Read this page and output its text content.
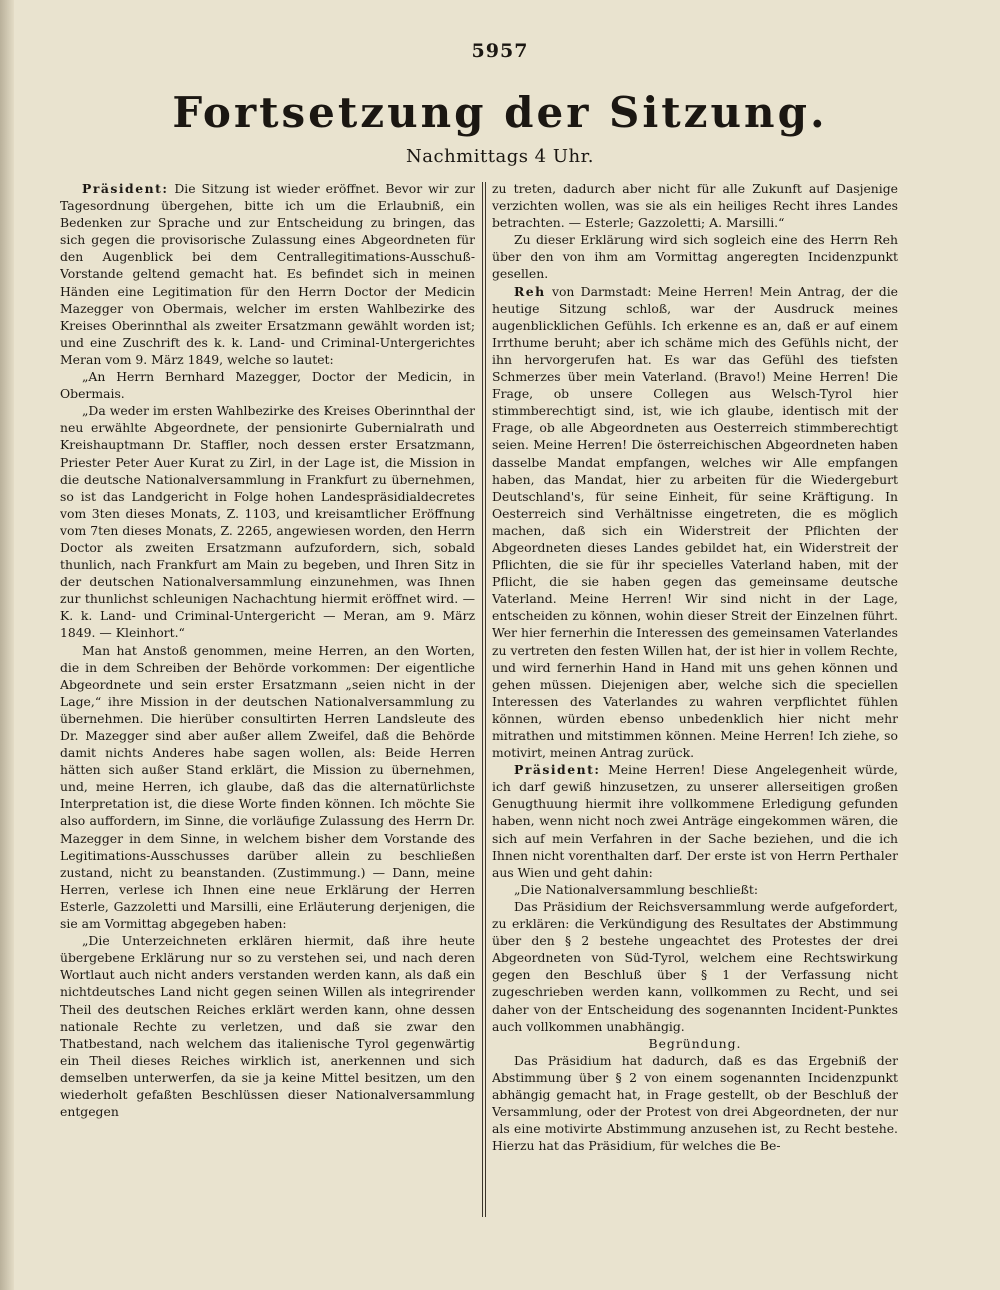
5957
Fortsetzung der Sitzung.
Nachmittags 4 Uhr.

Präsident: Die Sitzung ist wieder eröffnet. Bevor wir zur Tagesordnung übergehen, bitte ich um die Erlaubniß, ein Bedenken zur Sprache und zur Entscheidung zu bringen, das sich gegen die provisorische Zulassung eines Abgeordneten für den Augenblick bei dem Centrallegitimations-Ausschuß-Vorstande geltend gemacht hat. Es befindet sich in meinen Händen eine Legitimation für den Herrn Doctor der Medicin Mazegger von Obermais, welcher im ersten Wahlbezirke des Kreises Oberinnthal als zweiter Ersatzmann gewählt worden ist; und eine Zuschrift des k. k. Land- und Criminal-Untergerichtes Meran vom 9. März 1849, welche so lautet:

„An Herrn Bernhard Mazegger, Doctor der Medicin, in Obermais.

„Da weder im ersten Wahlbezirke des Kreises Oberinnthal der neu erwählte Abgeordnete, der pensionirte Gubernialrath und Kreishauptmann Dr. Staffler, noch dessen erster Ersatzmann, Priester Peter Auer Kurat zu Zirl, in der Lage ist, die Mission in die deutsche Nationalversammlung in Frankfurt zu übernehmen, so ist das Landgericht in Folge hohen Landespräsidialdecretes vom 3ten dieses Monats, Z. 1103, und kreisamtlicher Eröffnung vom 7ten dieses Monats, Z. 2265, angewiesen worden, den Herrn Doctor als zweiten Ersatzmann aufzufordern, sich, sobald thunlich, nach Frankfurt am Main zu begeben, und Ihren Sitz in der deutschen Nationalversammlung einzunehmen, was Ihnen zur thunlichst schleunigen Nachachtung hiermit eröffnet wird. — K. k. Land- und Criminal-Untergericht — Meran, am 9. März 1849. — Kleinhort.“

Man hat Anstoß genommen, meine Herren, an den Worten, die in dem Schreiben der Behörde vorkommen: Der eigentliche Abgeordnete und sein erster Ersatzmann „seien nicht in der Lage,“ ihre Mission in der deutschen Nationalversammlung zu übernehmen. Die hierüber consultirten Herren Landsleute des Dr. Mazegger sind aber außer allem Zweifel, daß die Behörde damit nichts Anderes habe sagen wollen, als: Beide Herren hätten sich außer Stand erklärt, die Mission zu übernehmen, und, meine Herren, ich glaube, daß das die alternatürlichste Interpretation ist, die diese Worte finden können. Ich möchte Sie also auffordern, im Sinne, die vorläufige Zulassung des Herrn Dr. Mazegger in dem Sinne, in welchem bisher dem Vorstande des Legitimations-Ausschusses darüber allein zu beschließen zustand, nicht zu beanstanden. (Zustimmung.) — Dann, meine Herren, verlese ich Ihnen eine neue Erklärung der Herren Esterle, Gazzoletti und Marsilli, eine Erläuterung derjenigen, die sie am Vormittag abgegeben haben:

„Die Unterzeichneten erklären hiermit, daß ihre heute übergebene Erklärung nur so zu verstehen sei, und nach deren Wortlaut auch nicht anders verstanden werden kann, als daß ein nichtdeutsches Land nicht gegen seinen Willen als integrirender Theil des deutschen Reiches erklärt werden kann, ohne dessen nationale Rechte zu verletzen, und daß sie zwar den Thatbestand, nach welchem das italienische Tyrol gegenwärtig ein Theil dieses Reiches wirklich ist, anerkennen und sich demselben unterwerfen, da sie ja keine Mittel besitzen, um den wiederholt gefaßten Beschlüssen dieser Nationalversammlung entgegen

zu treten, dadurch aber nicht für alle Zukunft auf Dasjenige verzichten wollen, was sie als ein heiliges Recht ihres Landes betrachten. — Esterle; Gazzoletti; A. Marsilli.“

Zu dieser Erklärung wird sich sogleich eine des Herrn Reh über den von ihm am Vormittag angeregten Incidenzpunkt gesellen.

Reh von Darmstadt: Meine Herren! Mein Antrag, der die heutige Sitzung schloß, war der Ausdruck meines augenblicklichen Gefühls. Ich erkenne es an, daß er auf einem Irrthume beruht; aber ich schäme mich des Gefühls nicht, der ihn hervorgerufen hat. Es war das Gefühl des tiefsten Schmerzes über mein Vaterland. (Bravo!) Meine Herren! Die Frage, ob unsere Collegen aus Welsch-Tyrol hier stimmberechtigt sind, ist, wie ich glaube, identisch mit der Frage, ob alle Abgeordneten aus Oesterreich stimmberechtigt seien. Meine Herren! Die österreichischen Abgeordneten haben dasselbe Mandat empfangen, welches wir Alle empfangen haben, das Mandat, hier zu arbeiten für die Wiedergeburt Deutschland's, für seine Einheit, für seine Kräftigung. In Oesterreich sind Verhältnisse eingetreten, die es möglich machen, daß sich ein Widerstreit der Pflichten der Abgeordneten dieses Landes gebildet hat, ein Widerstreit der Pflichten, die sie für ihr specielles Vaterland haben, mit der Pflicht, die sie haben gegen das gemeinsame deutsche Vaterland. Meine Herren! Wir sind nicht in der Lage, entscheiden zu können, wohin dieser Streit der Einzelnen führt. Wer hier fernerhin die Interessen des gemeinsamen Vaterlandes zu vertreten den festen Willen hat, der ist hier in vollem Rechte, und wird fernerhin Hand in Hand mit uns gehen können und gehen müssen. Diejenigen aber, welche sich die speciellen Interessen des Vaterlandes zu wahren verpflichtet fühlen können, würden ebenso unbedenklich hier nicht mehr mitrathen und mitstimmen können. Meine Herren! Ich ziehe, so motivirt, meinen Antrag zurück.

Präsident: Meine Herren! Diese Angelegenheit würde, ich darf gewiß hinzusetzen, zu unserer allerseitigen großen Genugthuung hiermit ihre vollkommene Erledigung gefunden haben, wenn nicht noch zwei Anträge eingekommen wären, die sich auf mein Verfahren in der Sache beziehen, und die ich Ihnen nicht vorenthalten darf. Der erste ist von Herrn Perthaler aus Wien und geht dahin:

„Die Nationalversammlung beschließt:

Das Präsidium der Reichsversammlung werde aufgefordert, zu erklären: die Verkündigung des Resultates der Abstimmung über den § 2 bestehe ungeachtet des Protestes der drei Abgeordneten von Süd-Tyrol, welchem eine Rechtswirkung gegen den Beschluß über § 1 der Verfassung nicht zugeschrieben werden kann, vollkommen zu Recht, und sei daher von der Entscheidung des sogenannten Incident-Punktes auch vollkommen unabhängig.

Begründung.

Das Präsidium hat dadurch, daß es das Ergebniß der Abstimmung über § 2 von einem sogenannten Incidenzpunkt abhängig gemacht hat, in Frage gestellt, ob der Beschluß der Versammlung, oder der Protest von drei Abgeordneten, der nur als eine motivirte Abstimmung anzusehen ist, zu Recht bestehe. Hierzu hat das Präsidium, für welches die Be-
